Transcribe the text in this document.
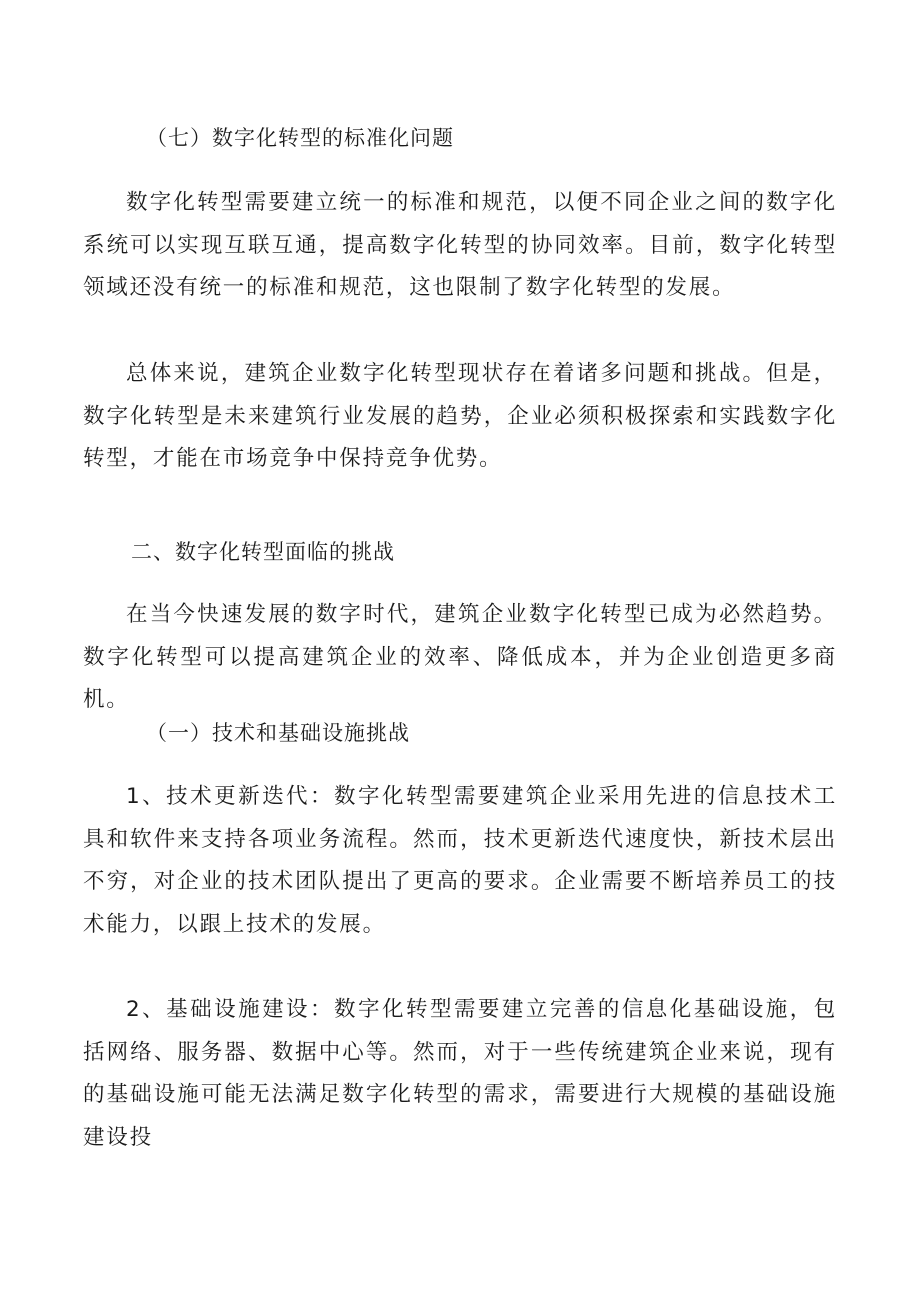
（七）数字化转型的标准化问题
数字化转型需要建立统一的标准和规范，以便不同企业之间的数字化系统可以实现互联互通，提高数字化转型的协同效率。目前，数字化转型领域还没有统一的标准和规范，这也限制了数字化转型的发展。
总体来说，建筑企业数字化转型现状存在着诸多问题和挑战。但是，数字化转型是未来建筑行业发展的趋势，企业必须积极探索和实践数字化转型，才能在市场竞争中保持竞争优势。
二、数字化转型面临的挑战
在当今快速发展的数字时代，建筑企业数字化转型已成为必然趋势。数字化转型可以提高建筑企业的效率、降低成本，并为企业创造更多商机。
（一）技术和基础设施挑战
1、技术更新迭代：数字化转型需要建筑企业采用先进的信息技术工具和软件来支持各项业务流程。然而，技术更新迭代速度快，新技术层出不穷，对企业的技术团队提出了更高的要求。企业需要不断培养员工的技术能力，以跟上技术的发展。
2、基础设施建设：数字化转型需要建立完善的信息化基础设施，包括网络、服务器、数据中心等。然而，对于一些传统建筑企业来说，现有的基础设施可能无法满足数字化转型的需求，需要进行大规模的基础设施建设投
